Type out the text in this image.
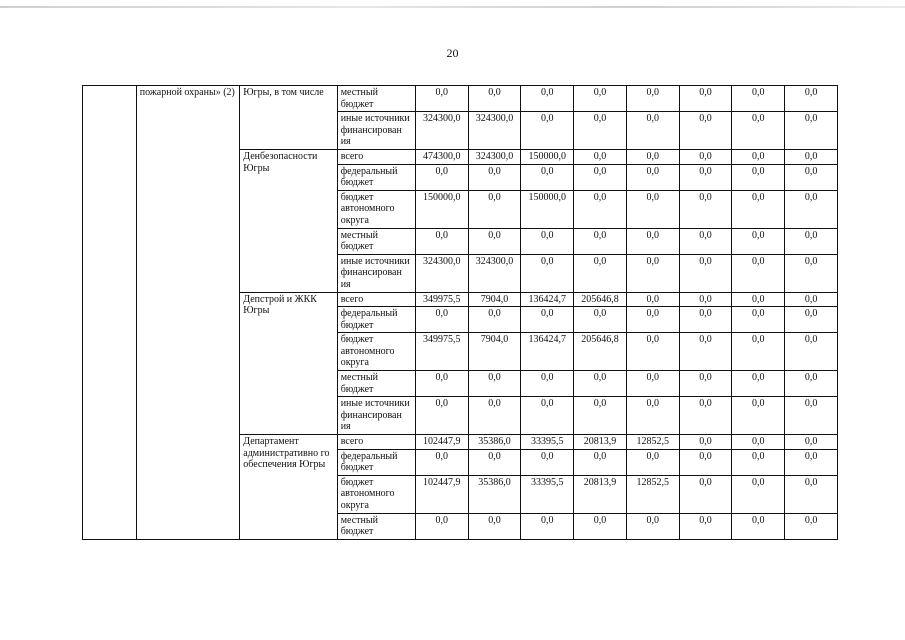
20
	пожарной охраны» (2)	Югры, в том числе	местный бюджет	0,0	0,0	0,0	0,0	0,0	0,0	0,0	0,0
			иные источники финансирован ия	324300,0	324300,0	0,0	0,0	0,0	0,0	0,0	0,0
		Денбезопасности Югры	всего	474300,0	324300,0	150000,0	0,0	0,0	0,0	0,0	0,0
			федеральный бюджет	0,0	0,0	0,0	0,0	0,0	0,0	0,0	0,0
			бюджет автономного округа	150000,0	0,0	150000,0	0,0	0,0	0,0	0,0	0,0
			местный бюджет	0,0	0,0	0,0	0,0	0,0	0,0	0,0	0,0
			иные источники финансирован ия	324300,0	324300,0	0,0	0,0	0,0	0,0	0,0	0,0
		Депстрой и ЖКК Югры	всего	349975,5	7904,0	136424,7	205646,8	0,0	0,0	0,0	0,0
			федеральный бюджет	0,0	0,0	0,0	0,0	0,0	0,0	0,0	0,0
			бюджет автономного округа	349975,5	7904,0	136424,7	205646,8	0,0	0,0	0,0	0,0
			местный бюджет	0,0	0,0	0,0	0,0	0,0	0,0	0,0	0,0
			иные источники финансирован ия	0,0	0,0	0,0	0,0	0,0	0,0	0,0	0,0
		Департамент административно го обеспечения Югры	всего	102447,9	35386,0	33395,5	20813,9	12852,5	0,0	0,0	0,0
			федеральный бюджет	0,0	0,0	0,0	0,0	0,0	0,0	0,0	0,0
			бюджет автономного округа	102447,9	35386,0	33395,5	20813,9	12852,5	0,0	0,0	0,0
			местный бюджет	0,0	0,0	0,0	0,0	0,0	0,0	0,0	0,0
